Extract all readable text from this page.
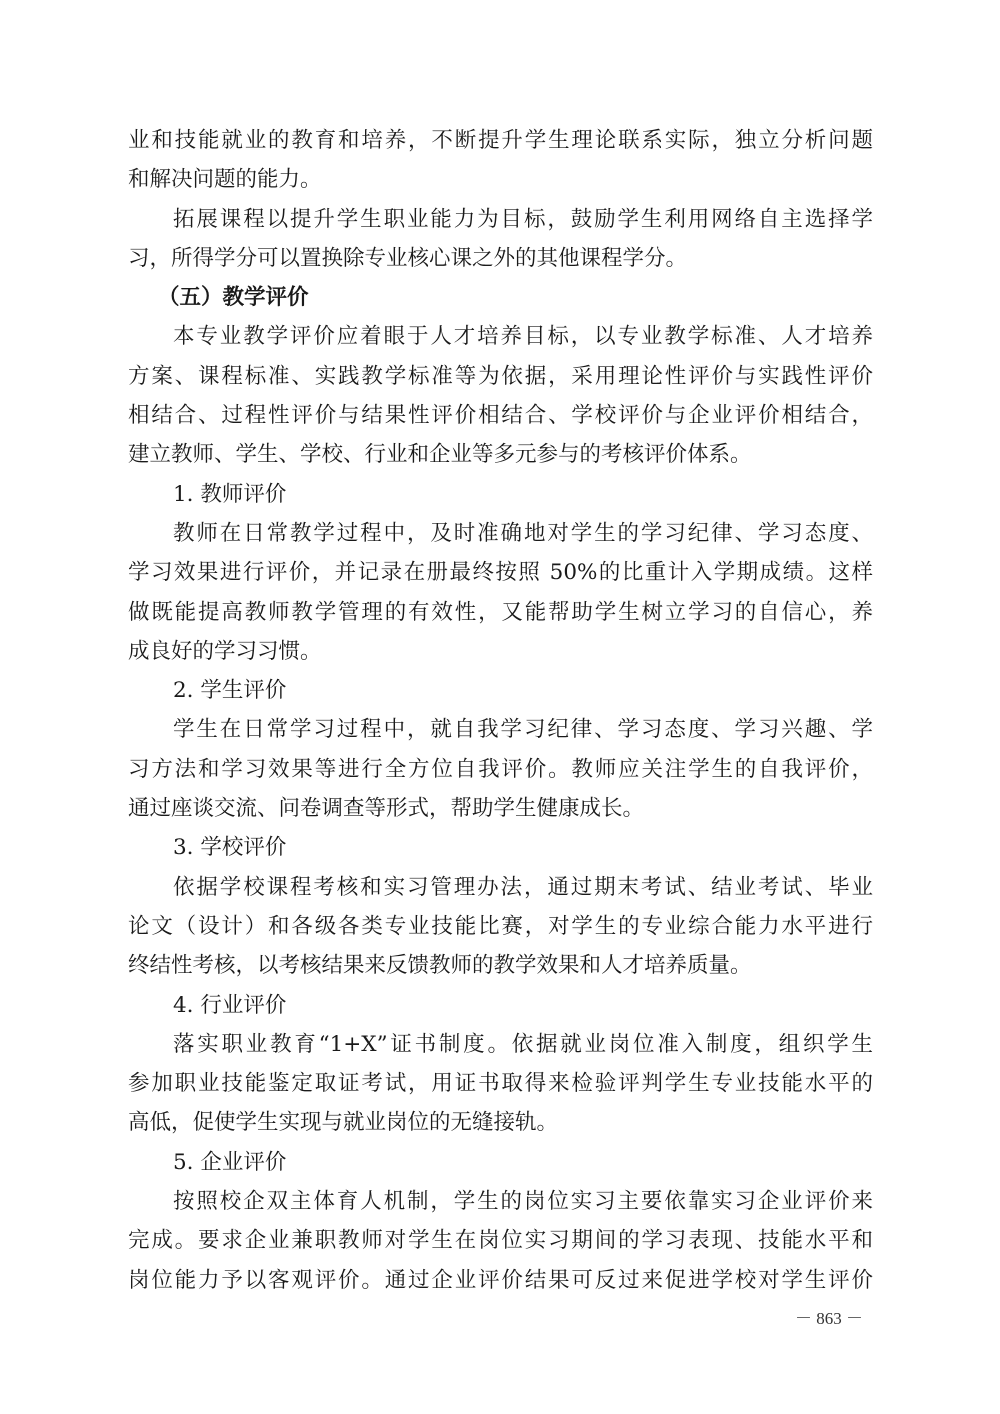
业和技能就业的教育和培养，不断提升学生理论联系实际，独立分析问题

和解决问题的能力。

拓展课程以提升学生职业能力为目标，鼓励学生利用网络自主选择学

习，所得学分可以置换除专业核心课之外的其他课程学分。

（五）教学评价

本专业教学评价应着眼于人才培养目标，以专业教学标准、人才培养

方案、课程标准、实践教学标准等为依据，采用理论性评价与实践性评价

相结合、过程性评价与结果性评价相结合、学校评价与企业评价相结合，

建立教师、学生、学校、行业和企业等多元参与的考核评价体系。

1. 教师评价

教师在日常教学过程中，及时准确地对学生的学习纪律、学习态度、

学习效果进行评价，并记录在册最终按照 50%的比重计入学期成绩。这样

做既能提高教师教学管理的有效性，又能帮助学生树立学习的自信心，养

成良好的学习习惯。

2. 学生评价

学生在日常学习过程中，就自我学习纪律、学习态度、学习兴趣、学

习方法和学习效果等进行全方位自我评价。教师应关注学生的自我评价，

通过座谈交流、问卷调查等形式，帮助学生健康成长。

3. 学校评价

依据学校课程考核和实习管理办法，通过期末考试、结业考试、毕业

论文（设计）和各级各类专业技能比赛，对学生的专业综合能力水平进行

终结性考核，以考核结果来反馈教师的教学效果和人才培养质量。

4. 行业评价

落实职业教育“1+X”证书制度。依据就业岗位准入制度，组织学生

参加职业技能鉴定取证考试，用证书取得来检验评判学生专业技能水平的

高低，促使学生实现与就业岗位的无缝接轨。

5. 企业评价

按照校企双主体育人机制，学生的岗位实习主要依靠实习企业评价来

完成。要求企业兼职教师对学生在岗位实习期间的学习表现、技能水平和

岗位能力予以客观评价。通过企业评价结果可反过来促进学校对学生评价

－ 863 －
